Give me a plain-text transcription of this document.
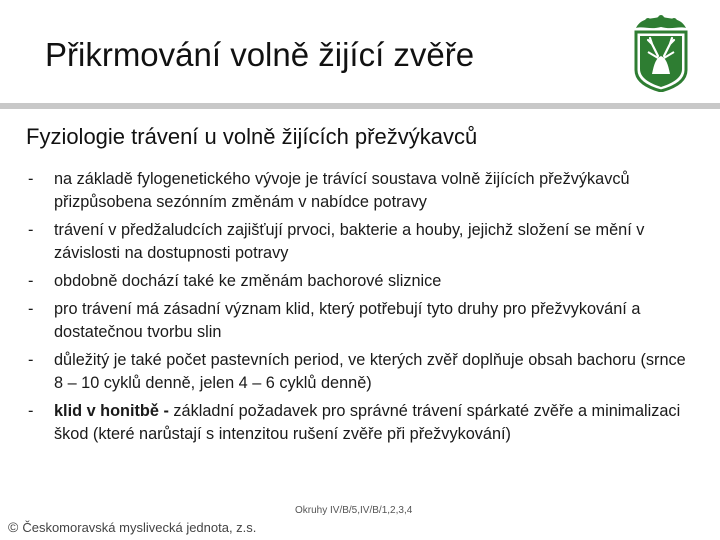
Přikrmování volně žijící zvěře
Fyziologie trávení u volně žijících přežvýkavců
-	na základě fylogenetického vývoje je trávící soustava volně žijících přežvýkavců přizpůsobena sezónním změnám v nabídce potravy
-	trávení v předžaludcích zajišťují prvoci, bakterie a houby, jejichž složení se mění v závislosti na dostupnosti potravy
-	obdobně dochází také ke změnám bachorové sliznice
-	pro trávení má zásadní význam klid, který potřebují tyto druhy pro přežvykování a dostatečnou tvorbu slin
-	důležitý je také počet pastevních period, ve kterých zvěř doplňuje obsah bachoru (srnce 8 – 10 cyklů denně, jelen 4 – 6 cyklů denně)
-	klid v honitbě - základní požadavek pro správné trávení spárkaté zvěře a minimalizaci škod (které narůstají s intenzitou rušení zvěře při přežvykování)
Okruhy IV/B/5,IV/B/1,2,3,4
© Českomoravská myslivecká jednota, z.s.
